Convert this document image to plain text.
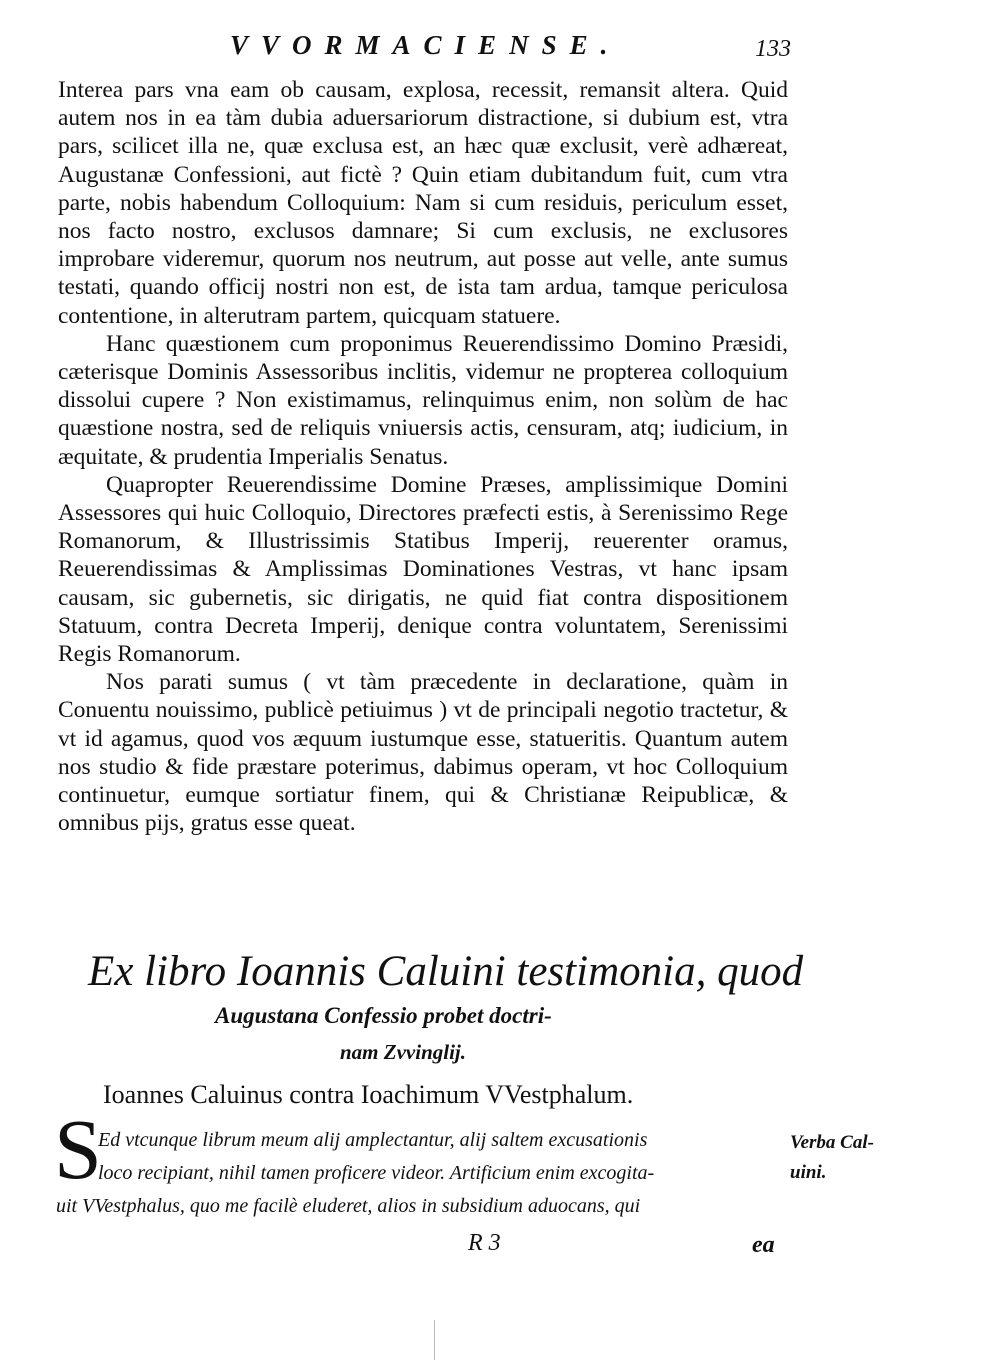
VVORMACIENSE.	133

Interea pars vna eam ob causam, explosa, recessit, remansit altera. Quid autem nos in ea tàm dubia aduersariorum distractione, si dubium est, vtra pars, scilicet illa ne, quæ exclusa est, an hæc quæ exclusit, verè adhæreat, Augustanæ Confessioni, aut fictè ? Quin etiam dubitandum fuit, cum vtra parte, nobis habendum Colloquium: Nam si cum residuis, periculum esset, nos facto nostro, exclusos damnare; Si cum exclusis, ne exclusores improbare videremur, quorum nos neutrum, aut posse aut velle, ante sumus testati, quando officij nostri non est, de ista tam ardua, tamque periculosa contentione, in alterutram partem, quicquam statuere.

Hanc quæstionem cum proponimus Reuerendissimo Domino Præsidi, cæterisque Dominis Assessoribus inclitis, videmur ne propterea colloquium dissolui cupere ? Non existimamus, relinquimus enim, non solùm de hac quæstione nostra, sed de reliquis vniuersis actis, censuram, atq; iudicium, in æquitate, & prudentia Imperialis Senatus.

Quapropter Reuerendissime Domine Præses, amplissimique Domini Assessores qui huic Colloquio, Directores præfecti estis, à Serenissimo Rege Romanorum, & Illustrissimis Statibus Imperij, reuerenter oramus, Reuerendissimas & Amplissimas Dominationes Vestras, vt hanc ipsam causam, sic gubernetis, sic dirigatis, ne quid fiat contra dispositionem Statuum, contra Decreta Imperij, denique contra voluntatem, Serenissimi Regis Romanorum.

Nos parati sumus ( vt tàm præcedente in declaratione, quàm in Conuentu nouissimo, publicè petiuimus ) vt de principali negotio tractetur, & vt id agamus, quod vos æquum iustumque esse, statueritis. Quantum autem nos studio & fide præstare poterimus, dabimus operam, vt hoc Colloquium continuetur, eumque sortiatur finem, qui & Christianæ Reipublicæ, & omnibus pijs, gratus esse queat.

Ex libro Ioannis Caluini testimonia, quod
Augustana Confessio probet doctri-
nam Zvvinglij.
Ioannes Caluinus contra Ioachimum VVestphalum.
S
Ed vtcunque librum meum alij amplectantur, alij saltem excusationis
loco recipiant, nihil tamen proficere videor. Artificium enim excogita-
uit VVestphalus, quo me facilè eluderet, alios in subsidium aduocans, qui
Verba Cal-
uini.
R 3	ea
